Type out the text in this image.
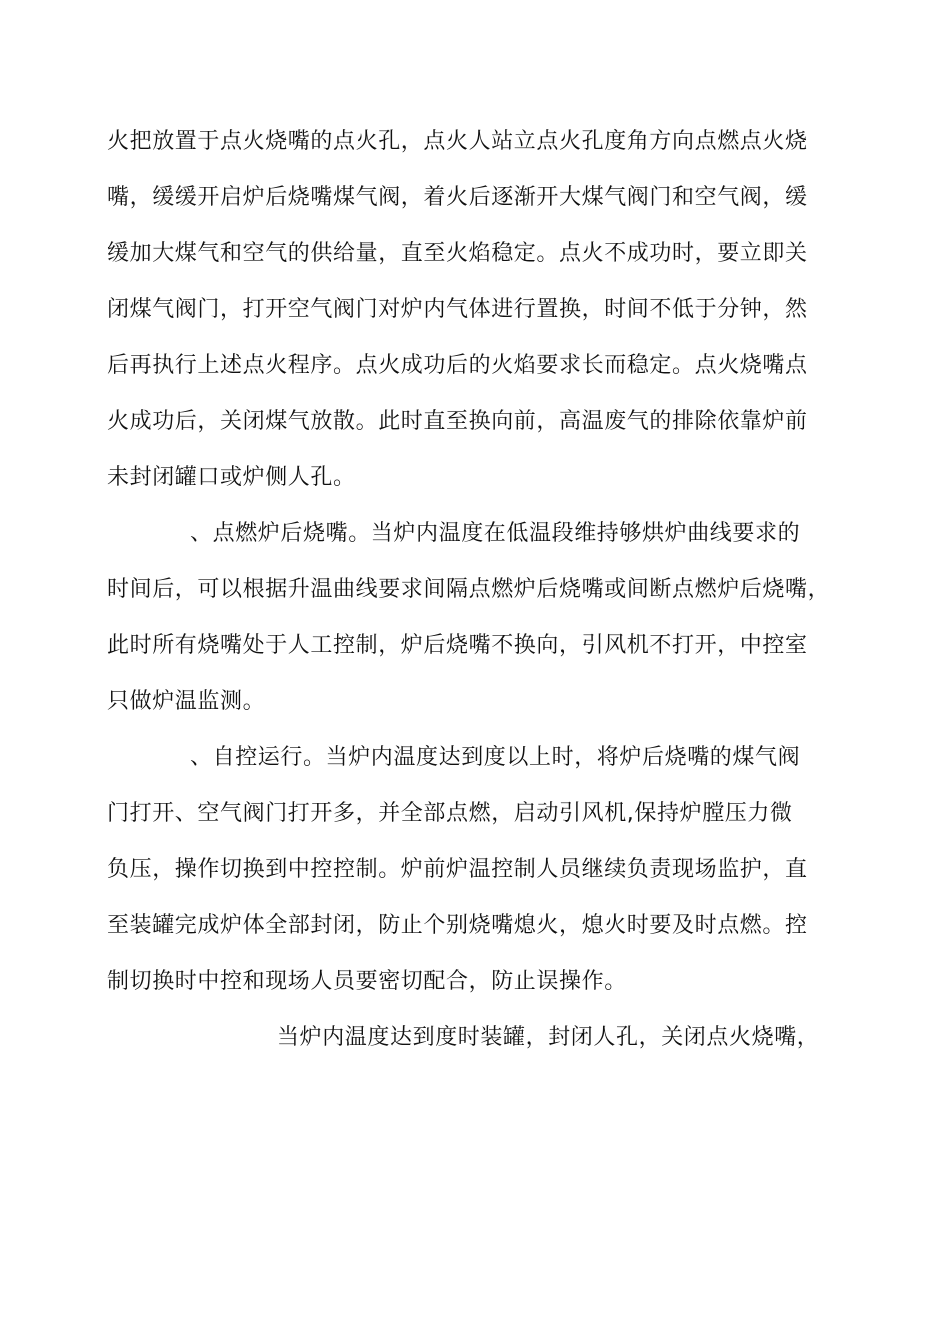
火把放置于点火烧嘴的点火孔，点火人站立点火孔度角方向点燃点火烧
嘴，缓缓开启炉后烧嘴煤气阀，着火后逐渐开大煤气阀门和空气阀，缓
缓加大煤气和空气的供给量，直至火焰稳定。点火不成功时，要立即关
闭煤气阀门，打开空气阀门对炉内气体进行置换，时间不低于分钟，然
后再执行上述点火程序。点火成功后的火焰要求长而稳定。点火烧嘴点
火成功后，关闭煤气放散。此时直至换向前，高温废气的排除依靠炉前
未封闭罐口或炉侧人孔。
、点燃炉后烧嘴。当炉内温度在低温段维持够烘炉曲线要求的
时间后，可以根据升温曲线要求间隔点燃炉后烧嘴或间断点燃炉后烧嘴，
此时所有烧嘴处于人工控制，炉后烧嘴不换向，引风机不打开，中控室
只做炉温监测。
、自控运行。当炉内温度达到度以上时，将炉后烧嘴的煤气阀
门打开、空气阀门打开多，并全部点燃，启动引风机,保持炉膛压力微
负压，操作切换到中控控制。炉前炉温控制人员继续负责现场监护，直
至装罐完成炉体全部封闭，防止个别烧嘴熄火，熄火时要及时点燃。控
制切换时中控和现场人员要密切配合，防止误操作。
当炉内温度达到度时装罐，封闭人孔，关闭点火烧嘴，
